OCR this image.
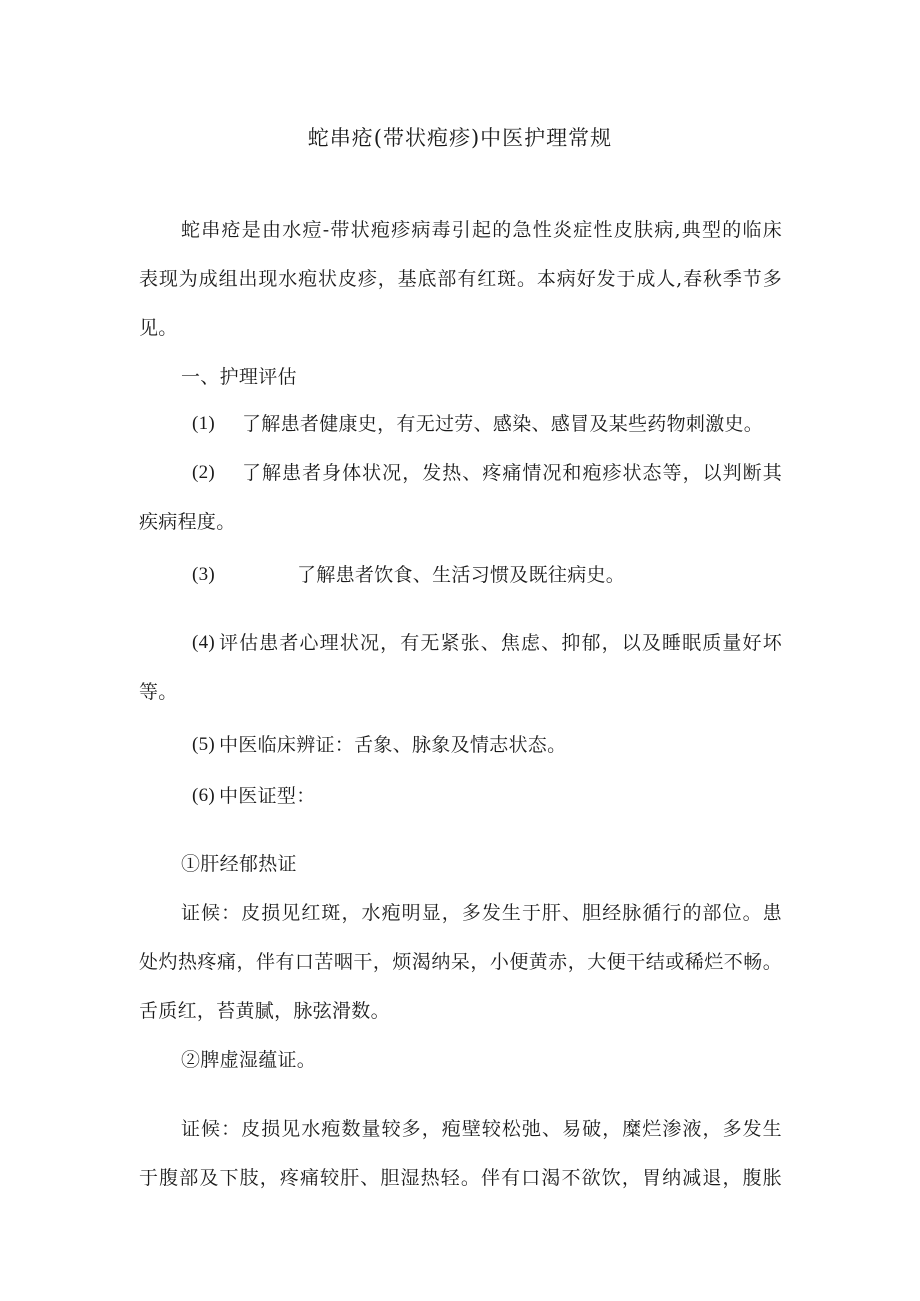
蛇串疮(带状疱疹)中医护理常规
蛇串疮是由水痘-带状疱疹病毒引起的急性炎症性皮肤病,典型的临床
表现为成组出现水疱状皮疹，基底部有红斑。本病好发于成人,春秋季节多
见。
一、护理评估
(1) 了解患者健康史，有无过劳、感染、感冒及某些药物刺激史。
(2) 了解患者身体状况，发热、疼痛情况和疱疹状态等，以判断其
疾病程度。
(3)	了解患者饮食、生活习惯及既往病史。
(4) 评估患者心理状况，有无紧张、焦虑、抑郁，以及睡眠质量好坏
等。
(5) 中医临床辨证：舌象、脉象及情志状态。
(6) 中医证型：
①肝经郁热证
证候：皮损见红斑，水疱明显，多发生于肝、胆经脉循行的部位。患
处灼热疼痛，伴有口苦咽干，烦渴纳呆，小便黄赤，大便干结或稀烂不畅。
舌质红，苔黄腻，脉弦滑数。
②脾虚湿蕴证。
证候：皮损见水疱数量较多，疱壁较松弛、易破，糜烂渗液，多发生
于腹部及下肢，疼痛较肝、胆湿热轻。伴有口渴不欲饮，胃纳减退，腹胀
